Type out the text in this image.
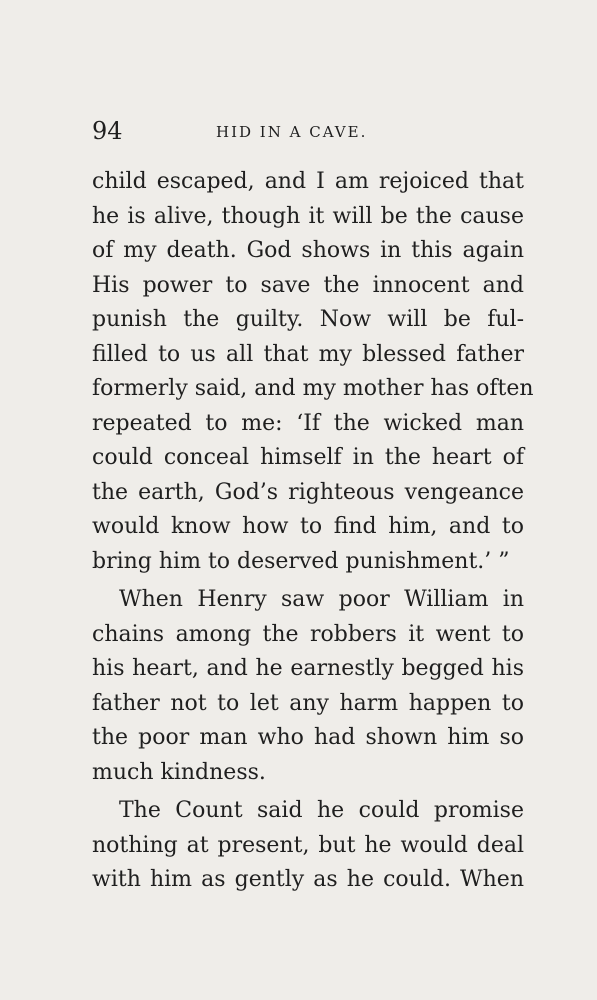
94	HID IN A CAVE.
child escaped, and I am rejoiced that
he is alive, though it will be the cause
of my death. God shows in this again
His power to save the innocent and
punish the guilty. Now will be ful-
filled to us all that my blessed father
formerly said, and my mother has often
repeated to me: ‘If the wicked man
could conceal himself in the heart of
the earth, God’s righteous vengeance
would know how to find him, and to
bring him to deserved punishment.’ ”
When Henry saw poor William in
chains among the robbers it went to
his heart, and he earnestly begged his
father not to let any harm happen to
the poor man who had shown him so
much kindness.
The Count said he could promise
nothing at present, but he would deal
with him as gently as he could. When
